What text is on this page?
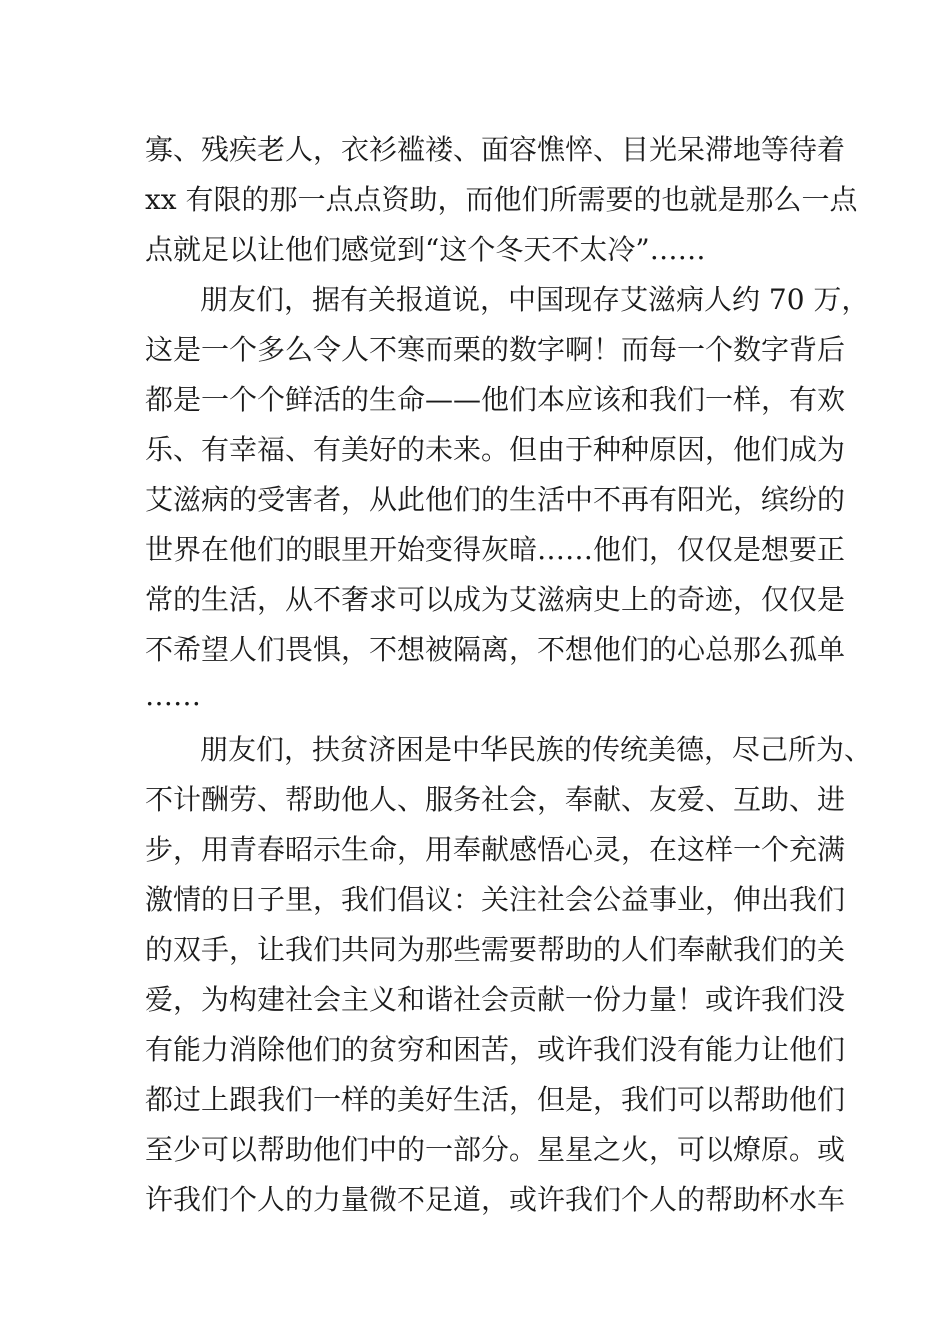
寡、残疾老人，衣衫褴褛、面容憔悴、目光呆滞地等待着

xx 有限的那一点点资助，而他们所需要的也就是那么一点

点就足以让他们感觉到“这个冬天不太冷”……

朋友们，据有关报道说，中国现存艾滋病人约 70 万，

这是一个多么令人不寒而栗的数字啊！而每一个数字背后

都是一个个鲜活的生命——他们本应该和我们一样，有欢

乐、有幸福、有美好的未来。但由于种种原因，他们成为

艾滋病的受害者，从此他们的生活中不再有阳光，缤纷的

世界在他们的眼里开始变得灰暗……他们，仅仅是想要正

常的生活，从不奢求可以成为艾滋病史上的奇迹，仅仅是

不希望人们畏惧，不想被隔离，不想他们的心总那么孤单

……

朋友们，扶贫济困是中华民族的传统美德，尽己所为、

不计酬劳、帮助他人、服务社会，奉献、友爱、互助、进

步，用青春昭示生命，用奉献感悟心灵，在这样一个充满

激情的日子里，我们倡议：关注社会公益事业，伸出我们

的双手，让我们共同为那些需要帮助的人们奉献我们的关

爱，为构建社会主义和谐社会贡献一份力量！或许我们没

有能力消除他们的贫穷和困苦，或许我们没有能力让他们

都过上跟我们一样的美好生活，但是，我们可以帮助他们

至少可以帮助他们中的一部分。星星之火，可以燎原。或

许我们个人的力量微不足道，或许我们个人的帮助杯水车
